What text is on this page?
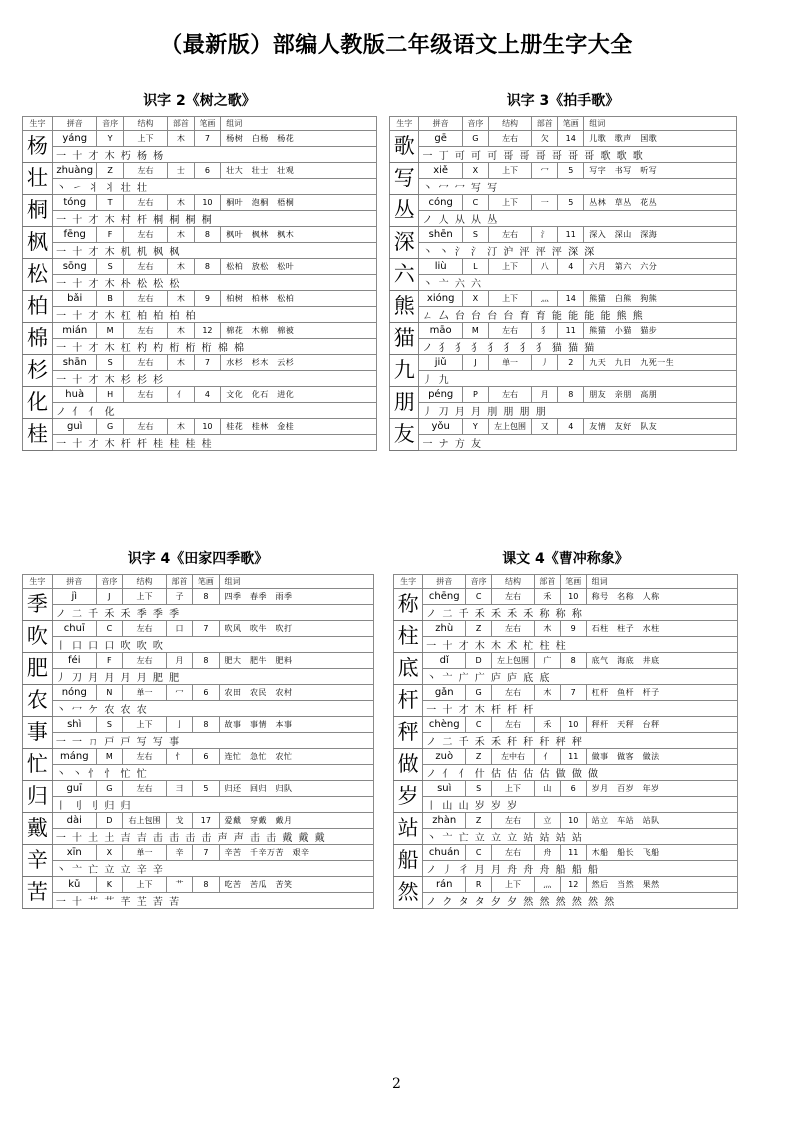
（最新版）部编人教版二年级语文上册生字大全
识字 2《树之歌》
生字	拼音	音序	结构	部首	笔画	组词
杨	yáng	Y	上下	木	7	杨树　白杨　杨花
	一 十 才 木 朽 杨 杨					
壮	zhuàng	Z	左右	士	6	壮大　壮士　壮观
	丶 ㇀ 丬 丬 壮 壮					
桐	tóng	T	左右	木	10	桐叶　泡桐　梧桐
	一 十 才 木 村 杆 桐 桐 桐 桐					
枫	fēng	F	左右	木	8	枫叶　枫林　枫木
	一 十 才 木 机 机 枫 枫					
松	sōng	S	左右	木	8	松柏　放松　松叶
	一 十 才 木 朴 松 松 松					
柏	bǎi	B	左右	木	9	柏树　柏林　松柏
	一 十 才 木 杠 柏 柏 柏 柏					
棉	mián	M	左右	木	12	棉花　木棉　棉被
	一 十 才 木 杠 杓 杓 桁 桁 桁 棉 棉					
杉	shān	S	左右	木	7	水杉　杉木　云杉
	一 十 才 木 杉 杉 杉					
化	huà	H	左右	亻	4	文化　化石　进化
	ノ 亻 亻 化					
桂	guì	G	左右	木	10	桂花　桂林　金桂
	一 十 才 木 杆 杆 桂 桂 桂 桂					
识字 3《拍手歌》
生字	拼音	音序	结构	部首	笔画	组词
歌	gē	G	左右	欠	14	儿歌　歌声　国歌
	一 丁 可 可 可 哥 哥 哥 哥 哥 哥 歌 歌 歌					
写	xiě	X	上下	冖	5	写字　书写　听写
	丶 冖 冖 写 写					
丛	cóng	C	上下	一	5	丛林　草丛　花丛
	ノ 人 从 从 丛					
深	shēn	S	左右	氵	11	深入　深山　深海
	丶 丶 氵 氵 汀 沪 泙 泙 泙 深 深					
六	liù	L	上下	八	4	六月　第六　六分
	丶 亠 六 六					
熊	xióng	X	上下	灬	14	熊猫　白熊　狗熊
	ㄥ 厶 台 台 台 台 育 育 能 能 能 能 熊 熊					
猫	māo	M	左右	犭	11	熊猫　小猫　猫步
	ノ 犭 犭 犭 犭 犭 犭 犭 猫 猫 猫					
九	jiǔ	J	单一	丿	2	九天　九日　九死一生
	丿 九					
朋	péng	P	左右	月	8	朋友　亲朋　高朋
	丿 刀 月 月 刖 朋 朋 朋					
友	yǒu	Y	左上包围	又	4	友情　友好　队友
	一 ナ 方 友					
识字 4《田家四季歌》
生字	拼音	音序	结构	部首	笔画	组词
季	jì	J	上下	子	8	四季　春季　雨季
	ノ 二 千 禾 禾 季 季 季					
吹	chuī	C	左右	口	7	吹风　吹牛　吹打
	丨 口 口 口 吹 吹 吹					
肥	féi	F	左右	月	8	肥大　肥牛　肥料
	丿 刀 月 月 月 月 肥 肥					
农	nóng	N	单一	冖	6	农田　农民　农村
	丶 冖 ケ 农 农 农					
事	shì	S	上下	亅	8	故事　事情　本事
	一 一 ㄇ 戸 戸 写 写 事					
忙	máng	M	左右	忄	6	连忙　急忙　农忙
	丶 丶 忄 忄 忙 忙					
归	guī	G	左右	彐	5	归还　回归　归队
	丨 刂 刂 归 归					
戴	dài	D	右上包围	戈	17	爱戴　穿戴　戴月
	一 十 土 土 吉 吉 击 击 击 击 声 声 击 击 戴 戴 戴					
辛	xīn	X	单一	辛	7	辛苦　千辛万苦　艰辛
	丶 亠 亡 立 立 辛 辛					
苦	kǔ	K	上下	艹	8	吃苦　苦瓜　苦笑
	一 十 艹 艹 芊 芏 苦 苦					
课文 4《曹冲称象》
生字	拼音	音序	结构	部首	笔画	组词
称	chēng	C	左右	禾	10	称号　名称　人称
	ノ 二 千 禾 禾 禾 禾 称 称 称					
柱	zhù	Z	左右	木	9	石柱　柱子　水柱
	一 十 才 木 木 术 杧 柱 柱					
底	dǐ	D	左上包围	广	8	底气　海底　井底
	丶 亠 广 广 庐 庐 底 底					
杆	gǎn	G	左右	木	7	杠杆　鱼杆　杆子
	一 十 才 木 杆 杆 杆					
秤	chèng	C	左右	禾	10	秤杆　天秤　台秤
	ノ 二 千 禾 禾 秆 秆 秆 秤 秤					
做	zuò	Z	左中右	亻	11	做事　做客　做法
	ノ 亻 亻 什 估 估 估 估 做 做 做					
岁	suì	S	上下	山	6	岁月　百岁　年岁
	丨 山 山 岁 岁 岁					
站	zhàn	Z	左右	立	10	站立　车站　站队
	丶 亠 亡 立 立 立 站 站 站 站					
船	chuán	C	左右	舟	11	木船　船长　飞船
	ノ 丿 彳 月 月 舟 舟 舟 船 船 船					
然	rán	R	上下	灬	12	然后　当然　果然
	ノ ク タ タ 夕 夕 然 然 然 然 然 然					
2
